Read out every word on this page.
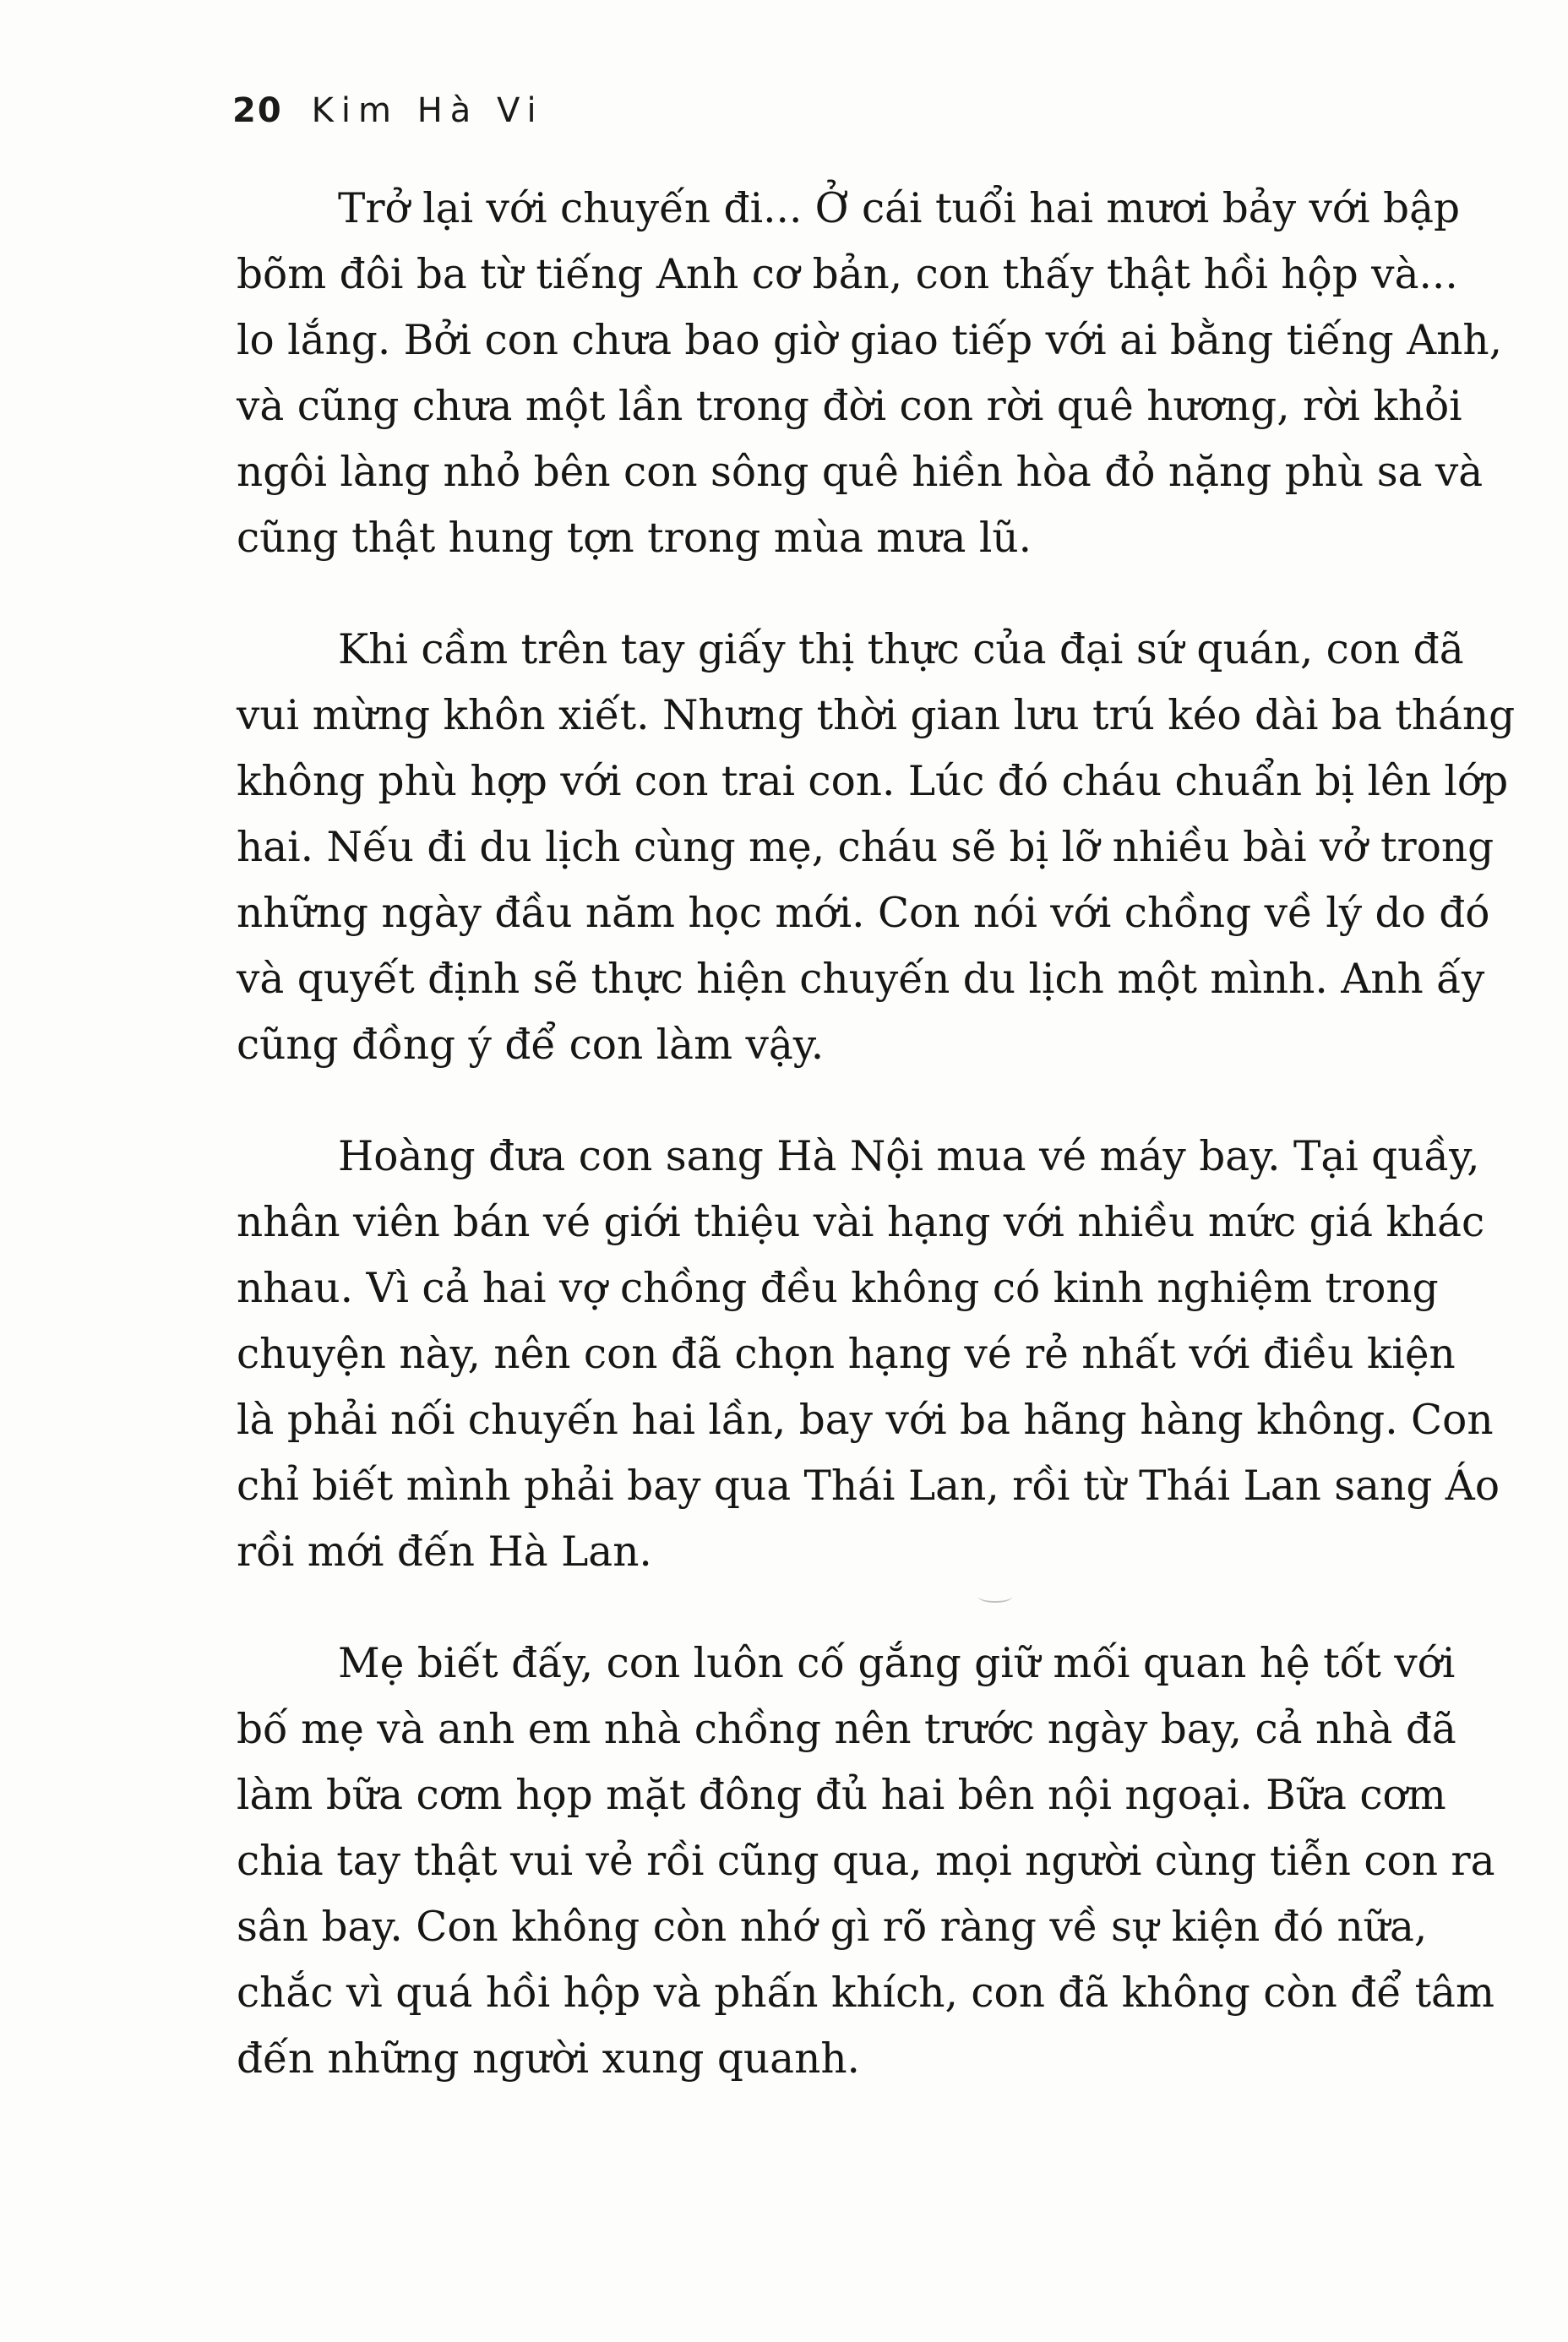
20 Kim Hà Vi
Trở lại với chuyến đi... Ở cái tuổi hai mươi bảy với bập
bõm đôi ba từ tiếng Anh cơ bản, con thấy thật hồi hộp và...
lo lắng. Bởi con chưa bao giờ giao tiếp với ai bằng tiếng Anh,
và cũng chưa một lần trong đời con rời quê hương, rời khỏi
ngôi làng nhỏ bên con sông quê hiền hòa đỏ nặng phù sa và
cũng thật hung tợn trong mùa mưa lũ.
Khi cầm trên tay giấy thị thực của đại sứ quán, con đã
vui mừng khôn xiết. Nhưng thời gian lưu trú kéo dài ba tháng
không phù hợp với con trai con. Lúc đó cháu chuẩn bị lên lớp
hai. Nếu đi du lịch cùng mẹ, cháu sẽ bị lỡ nhiều bài vở trong
những ngày đầu năm học mới. Con nói với chồng về lý do đó
và quyết định sẽ thực hiện chuyến du lịch một mình. Anh ấy
cũng đồng ý để con làm vậy.
Hoàng đưa con sang Hà Nội mua vé máy bay. Tại quầy,
nhân viên bán vé giới thiệu vài hạng với nhiều mức giá khác
nhau. Vì cả hai vợ chồng đều không có kinh nghiệm trong
chuyện này, nên con đã chọn hạng vé rẻ nhất với điều kiện
là phải nối chuyến hai lần, bay với ba hãng hàng không. Con
chỉ biết mình phải bay qua Thái Lan, rồi từ Thái Lan sang Áo
rồi mới đến Hà Lan.
Mẹ biết đấy, con luôn cố gắng giữ mối quan hệ tốt với
bố mẹ và anh em nhà chồng nên trước ngày bay, cả nhà đã
làm bữa cơm họp mặt đông đủ hai bên nội ngoại. Bữa cơm
chia tay thật vui vẻ rồi cũng qua, mọi người cùng tiễn con ra
sân bay. Con không còn nhớ gì rõ ràng về sự kiện đó nữa,
chắc vì quá hồi hộp và phấn khích, con đã không còn để tâm
đến những người xung quanh.
